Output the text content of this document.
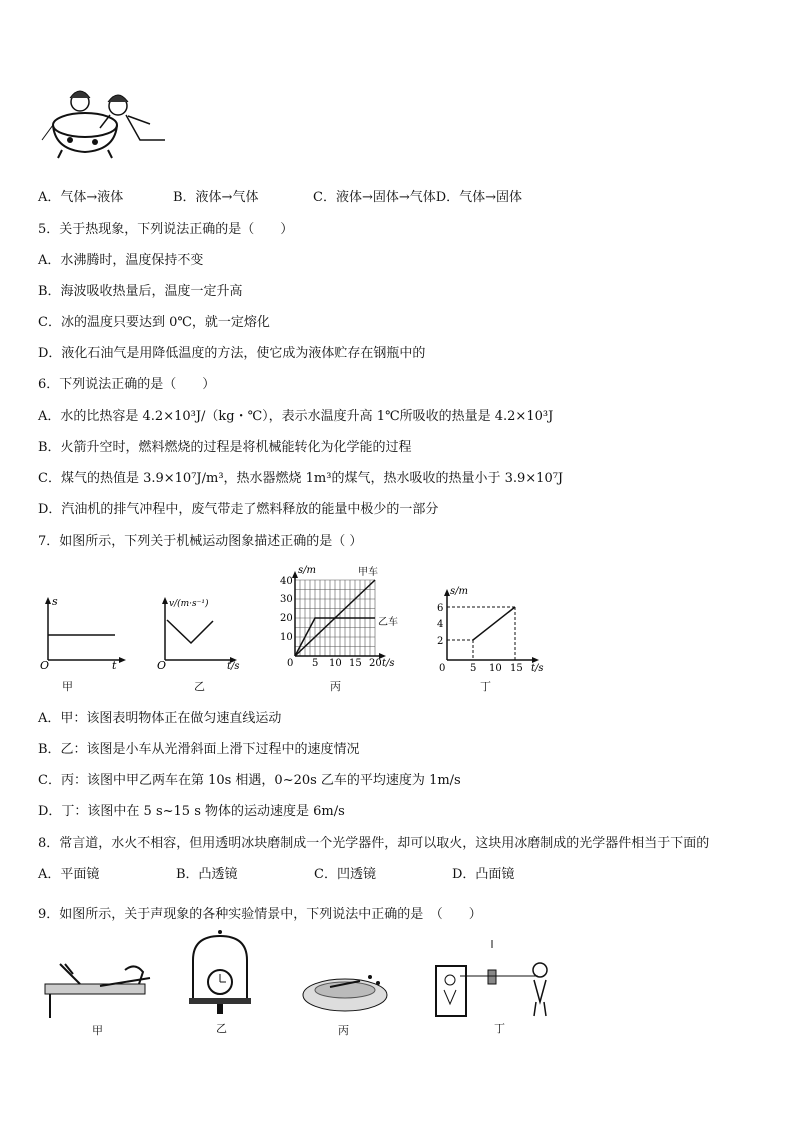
A．气体→液体	B．液体→气体	C．液体→固体→气体D．气体→固体
5．关于热现象，下列说法正确的是（　　）
A．水沸腾时，温度保持不变
B．海波吸收热量后，温度一定升高
C．冰的温度只要达到 0℃，就一定熔化
D．液化石油气是用降低温度的方法，使它成为液体贮存在钢瓶中的
6．下列说法正确的是（　　）
A．水的比热容是 4.2×10³J/（kg・℃），表示水温度升高 1℃所吸收的热量是 4.2×10³J
B．火箭升空时，燃料燃烧的过程是将机械能转化为化学能的过程
C．煤气的热值是 3.9×10⁷J/m³，热水器燃烧 1m³的煤气，热水吸收的热量小于 3.9×10⁷J
D．汽油机的排气冲程中，废气带走了燃料释放的能量中极少的一部分
7．如图所示，下列关于机械运动图象描述正确的是（ ）
s
O	t
甲
v/(m·s⁻¹)
O	t/s
乙
s/m
0	t/s
甲车
乙车
5 10 15 20
10
20
30
40
丙
s/m
0	t/s
5 10 15
2
4
6
丁
A．甲：该图表明物体正在做匀速直线运动
B．乙：该图是小车从光滑斜面上滑下过程中的速度情况
C．丙：该图中甲乙两车在第 10s 相遇，0~20s 乙车的平均速度为 1m/s
D．丁：该图中在 5 s~15 s 物体的运动速度是 6m/s
8．常言道，水火不相容，但用透明冰块磨制成一个光学器件，却可以取火，这块用冰磨制成的光学器件相当于下面的
A．平面镜	B．凸透镜	C．凹透镜	D．凸面镜
9．如图所示，关于声现象的各种实验情景中，下列说法中正确的是　（　　）
甲	乙	丙	丁
